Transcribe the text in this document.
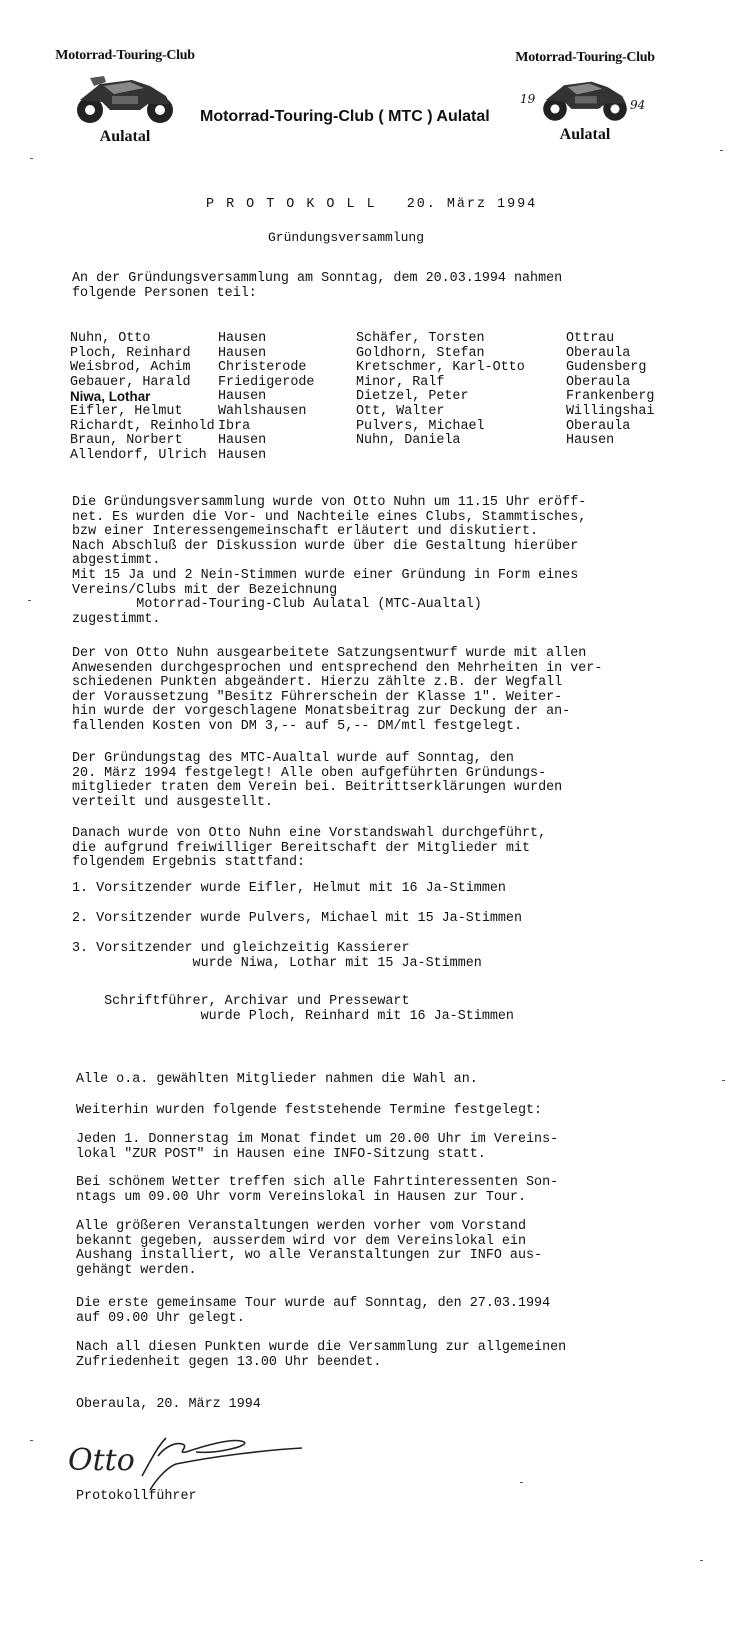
Motorrad-Touring-Club
Aulatal
Motorrad-Touring-Club
Aulatal
19	94
Motorrad-Touring-Club ( MTC ) Aulatal
P R O T O K O L L   20. März 1994
Gründungsversammlung
An der Gründungsversammlung am Sonntag, dem 20.03.1994 nahmen
folgende Personen teil:
Nuhn, Otto	Hausen	Schäfer, Torsten	Ottrau
Ploch, Reinhard	Hausen	Goldhorn, Stefan	Oberaula
Weisbrod, Achim	Christerode	Kretschmer, Karl-Otto	Gudensberg
Gebauer, Harald	Friedigerode	Minor, Ralf	Oberaula
Niwa, Lothar	Hausen	Dietzel, Peter	Frankenberg
Eifler, Helmut	Wahlshausen	Ott, Walter	Willingshai
Richardt, Reinhold	Ibra	Pulvers, Michael	Oberaula
Braun, Norbert	Hausen	Nuhn, Daniela	Hausen
Allendorf, Ulrich	Hausen		
Die Gründungsversammlung wurde von Otto Nuhn um 11.15 Uhr eröff-
net. Es wurden die Vor- und Nachteile eines Clubs, Stammtisches,
bzw einer Interessengemeinschaft erläutert und diskutiert.
Nach Abschluß der Diskussion wurde über die Gestaltung hierüber
abgestimmt.
Mit 15 Ja und 2 Nein-Stimmen wurde einer Gründung in Form eines
Vereins/Clubs mit der Bezeichnung
Motorrad-Touring-Club Aulatal (MTC-Aualtal)
zugestimmt.
Der von Otto Nuhn ausgearbeitete Satzungsentwurf wurde mit allen
Anwesenden durchgesprochen und entsprechend den Mehrheiten in ver-
schiedenen Punkten abgeändert. Hierzu zählte z.B. der Wegfall
der Voraussetzung "Besitz Führerschein der Klasse 1". Weiter-
hin wurde der vorgeschlagene Monatsbeitrag zur Deckung der an-
fallenden Kosten von DM 3,-- auf 5,-- DM/mtl festgelegt.
Der Gründungstag des MTC-Aualtal wurde auf Sonntag, den
20. März 1994 festgelegt! Alle oben aufgeführten Gründungs-
mitglieder traten dem Verein bei. Beitrittserklärungen wurden
verteilt und ausgestellt.
Danach wurde von Otto Nuhn eine Vorstandswahl durchgeführt,
die aufgrund freiwilliger Bereitschaft der Mitglieder mit
folgendem Ergebnis stattfand:
1. Vorsitzender wurde Eifler, Helmut mit 16 Ja-Stimmen
2. Vorsitzender wurde Pulvers, Michael mit 15 Ja-Stimmen
3. Vorsitzender und gleichzeitig Kassierer
wurde Niwa, Lothar mit 15 Ja-Stimmen
Schriftführer, Archivar und Pressewart
wurde Ploch, Reinhard mit 16 Ja-Stimmen
Alle o.a. gewählten Mitglieder nahmen die Wahl an.
Weiterhin wurden folgende feststehende Termine festgelegt:
Jeden 1. Donnerstag im Monat findet um 20.00 Uhr im Vereins-
lokal "ZUR POST" in Hausen eine INFO-Sitzung statt.
Bei schönem Wetter treffen sich alle Fahrtinteressenten Son-
ntags um 09.00 Uhr vorm Vereinslokal in Hausen zur Tour.
Alle größeren Veranstaltungen werden vorher vom Vorstand
bekannt gegeben, ausserdem wird vor dem Vereinslokal ein
Aushang installiert, wo alle Veranstaltungen zur INFO aus-
gehängt werden.
Die erste gemeinsame Tour wurde auf Sonntag, den 27.03.1994
auf 09.00 Uhr gelegt.
Nach all diesen Punkten wurde die Versammlung zur allgemeinen
Zufriedenheit gegen 13.00 Uhr beendet.
Oberaula, 20. März 1994
Otto
Protokollführer
